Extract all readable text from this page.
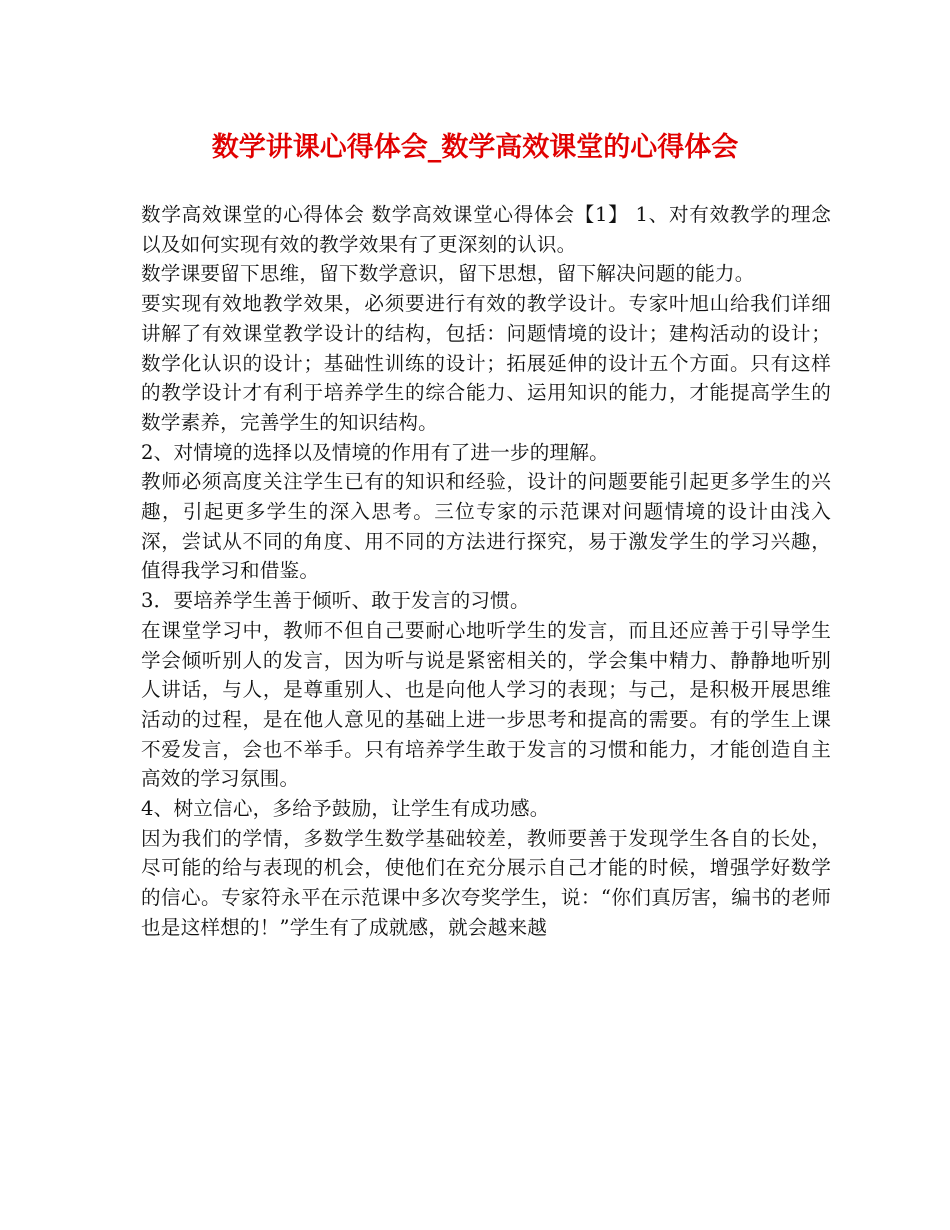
数学讲课心得体会_数学高效课堂的心得体会

数学高效课堂的心得体会 数学高效课堂心得体会【1】 1、对有效教学的理念以及如何实现有效的教学效果有了更深刻的认识。

数学课要留下思维，留下数学意识，留下思想，留下解决问题的能力。

要实现有效地教学效果，必须要进行有效的教学设计。专家叶旭山给我们详细讲解了有效课堂教学设计的结构，包括：问题情境的设计；建构活动的设计；数学化认识的设计；基础性训练的设计；拓展延伸的设计五个方面。只有这样的教学设计才有利于培养学生的综合能力、运用知识的能力，才能提高学生的数学素养，完善学生的知识结构。

2、对情境的选择以及情境的作用有了进一步的理解。

教师必须高度关注学生已有的知识和经验，设计的问题要能引起更多学生的兴趣，引起更多学生的深入思考。三位专家的示范课对问题情境的设计由浅入深，尝试从不同的角度、用不同的方法进行探究，易于激发学生的学习兴趣，值得我学习和借鉴。

3．要培养学生善于倾听、敢于发言的习惯。

在课堂学习中，教师不但自己要耐心地听学生的发言，而且还应善于引导学生学会倾听别人的发言，因为听与说是紧密相关的，学会集中精力、静静地听别人讲话，与人，是尊重别人、也是向他人学习的表现；与己，是积极开展思维活动的过程，是在他人意见的基础上进一步思考和提高的需要。有的学生上课不爱发言，会也不举手。只有培养学生敢于发言的习惯和能力，才能创造自主高效的学习氛围。

4、树立信心，多给予鼓励，让学生有成功感。

因为我们的学情，多数学生数学基础较差，教师要善于发现学生各自的长处，尽可能的给与表现的机会，使他们在充分展示自己才能的时候，增强学好数学的信心。专家符永平在示范课中多次夸奖学生，说：“你们真厉害，编书的老师也是这样想的！”学生有了成就感，就会越来越
